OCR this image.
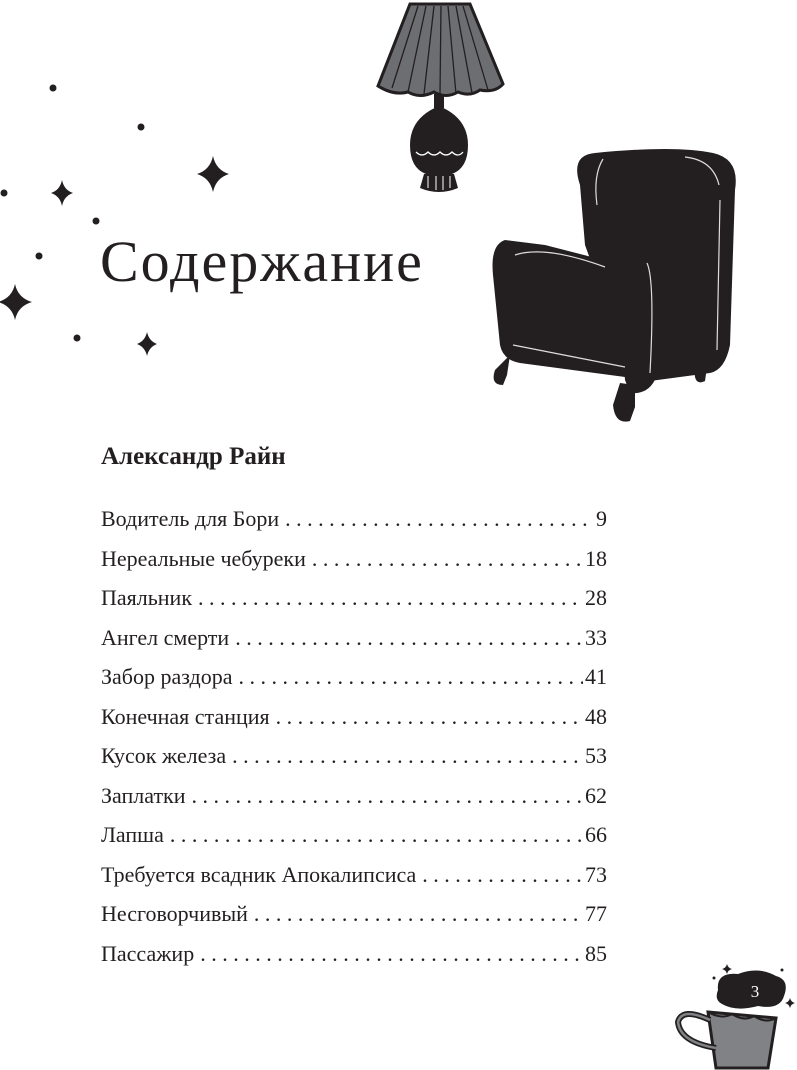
Содержание
Александр Райн
Водитель для Бори . . .	9
Нереальные чебуреки . . .	18
Паяльник . . .	28
Ангел смерти . . .	33
Забор раздора . . .	41
Конечная станция . . .	48
Кусок железа . . .	53
Заплатки . . .	62
Лапша . . .	66
Требуется всадник Апокалипсиса . . .	73
Несговорчивый . . .	77
Пассажир . . .	85
3
